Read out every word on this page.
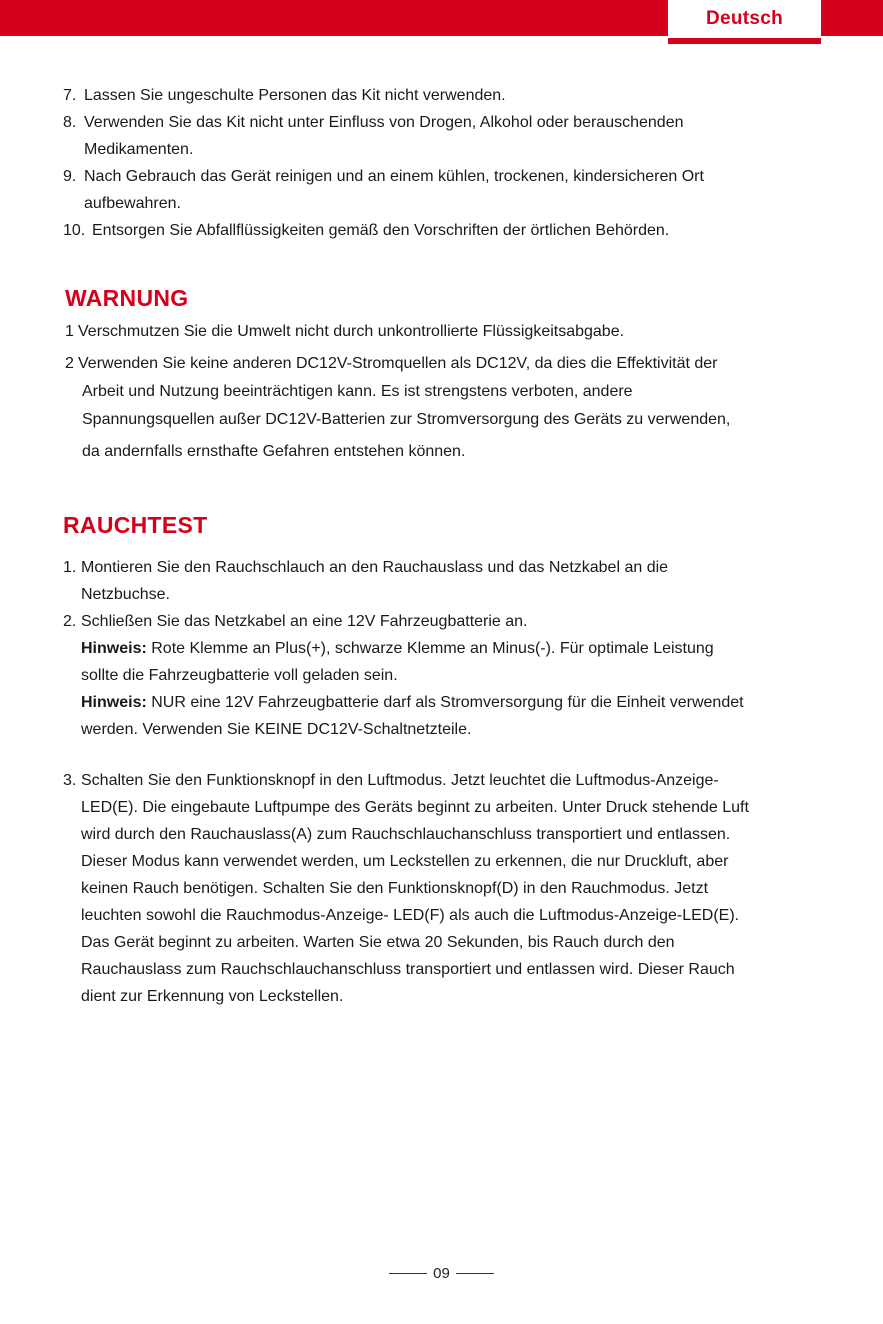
Deutsch
7. Lassen Sie ungeschulte Personen das Kit nicht verwenden.
8. Verwenden Sie das Kit nicht unter Einfluss von Drogen, Alkohol oder berauschenden
Medikamenten.
9. Nach Gebrauch das Gerät reinigen und an einem kühlen, trockenen, kindersicheren Ort
aufbewahren.
10. Entsorgen Sie Abfallflüssigkeiten gemäß den Vorschriften der örtlichen Behörden.
WARNUNG
1 Verschmutzen Sie die Umwelt nicht durch unkontrollierte Flüssigkeitsabgabe.
2 Verwenden Sie keine anderen DC12V-Stromquellen als DC12V, da dies die Effektivität der
Arbeit und Nutzung beeinträchtigen kann. Es ist strengstens verboten, andere
Spannungsquellen außer DC12V-Batterien zur Stromversorgung des Geräts zu verwenden,
da andernfalls ernsthafte Gefahren entstehen können.
RAUCHTEST
1. Montieren Sie den Rauchschlauch an den Rauchauslass und das Netzkabel an die
Netzbuchse.
2. Schließen Sie das Netzkabel an eine 12V Fahrzeugbatterie an.
Hinweis: Rote Klemme an Plus(+), schwarze Klemme an Minus(-). Für optimale Leistung
sollte die Fahrzeugbatterie voll geladen sein.
Hinweis: NUR eine 12V Fahrzeugbatterie darf als Stromversorgung für die Einheit verwendet
werden. Verwenden Sie KEINE DC12V-Schaltnetzteile.
3. Schalten Sie den Funktionsknopf in den Luftmodus. Jetzt leuchtet die Luftmodus-Anzeige-
LED(E). Die eingebaute Luftpumpe des Geräts beginnt zu arbeiten. Unter Druck stehende Luft
wird durch den Rauchauslass(A) zum Rauchschlauchanschluss transportiert und entlassen.
Dieser Modus kann verwendet werden, um Leckstellen zu erkennen, die nur Druckluft, aber
keinen Rauch benötigen. Schalten Sie den Funktionsknopf(D) in den Rauchmodus. Jetzt
leuchten sowohl die Rauchmodus-Anzeige- LED(F) als auch die Luftmodus-Anzeige-LED(E).
Das Gerät beginnt zu arbeiten. Warten Sie etwa 20 Sekunden, bis Rauch durch den
Rauchauslass zum Rauchschlauchanschluss transportiert und entlassen wird. Dieser Rauch
dient zur Erkennung von Leckstellen.
09
